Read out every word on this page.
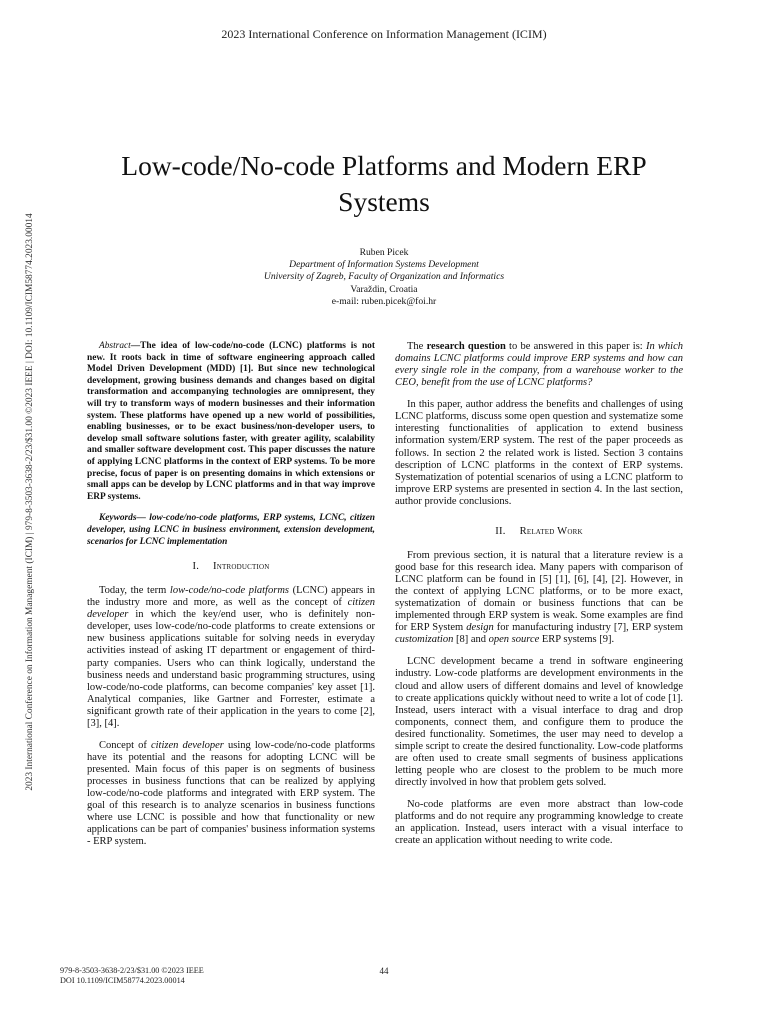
2023 International Conference on Information Management (ICIM)
2023 International Conference on Information Management (ICIM) | 979-8-3503-3638-2/23/$31.00 ©2023 IEEE | DOI: 10.1109/ICIM58774.2023.00014
Low-code/No-code Platforms and Modern ERP Systems
Ruben Picek
Department of Information Systems Development
University of Zagreb, Faculty of Organization and Informatics
Varaždin, Croatia
e-mail: ruben.picek@foi.hr

Abstract—The idea of low-code/no-code (LCNC) platforms is not new. It roots back in time of software engineering approach called Model Driven Development (MDD) [1]. But since new technological development, growing business demands and changes based on digital transformation and accompanying technologies are omnipresent, they will try to transform ways of modern businesses and their information system. These platforms have opened up a new world of possibilities, enabling businesses, or to be exact business/non-developer users, to develop small software solutions faster, with greater agility, scalability and smaller software development cost. This paper discusses the nature of applying LCNC platforms in the context of ERP systems. To be more precise, focus of paper is on presenting domains in which extensions or small apps can be develop by LCNC platforms and in that way improve ERP systems.

Keywords— low-code/no-code platforms, ERP systems, LCNC, citizen developer, using LCNC in business environment, extension development, scenarios for LCNC implementation

I. Introduction

Today, the term low-code/no-code platforms (LCNC) appears in the industry more and more, as well as the concept of citizen developer in which the key/end user, who is definitely non-developer, uses low-code/no-code platforms to create extensions or new business applications suitable for solving needs in everyday activities instead of asking IT department or engagement of third-party companies. Users who can think logically, understand the business needs and understand basic programming structures, using low-code/no-code platforms, can become companies' key asset [1]. Analytical companies, like Gartner and Forrester, estimate a significant growth rate of their application in the years to come [2], [3], [4].

Concept of citizen developer using low-code/no-code platforms have its potential and the reasons for adopting LCNC will be presented. Main focus of this paper is on segments of business processes in business functions that can be realized by applying low-code/no-code platforms and integrated with ERP system. The goal of this research is to analyze scenarios in business functions where use LCNC is possible and how that functionality or new applications can be part of companies' business information systems - ERP system.

The research question to be answered in this paper is: In which domains LCNC platforms could improve ERP systems and how can every single role in the company, from a warehouse worker to the CEO, benefit from the use of LCNC platforms?

In this paper, author address the benefits and challenges of using LCNC platforms, discuss some open question and systematize some interesting functionalities of application to extend business information system/ERP system. The rest of the paper proceeds as follows. In section 2 the related work is listed. Section 3 contains description of LCNC platforms in the context of ERP systems. Systematization of potential scenarios of using a LCNC platform to improve ERP systems are presented in section 4. In the last section, author provide conclusions.

II. Related Work

From previous section, it is natural that a literature review is a good base for this research idea. Many papers with comparison of LCNC platform can be found in [5] [1], [6], [4], [2]. However, in the context of applying LCNC platforms, or to be more exact, systematization of domain or business functions that can be implemented through ERP system is weak. Some examples are find for ERP System design for manufacturing industry [7], ERP system customization [8] and open source ERP systems [9].

LCNC development became a trend in software engineering industry. Low-code platforms are development environments in the cloud and allow users of different domains and level of knowledge to create applications quickly without need to write a lot of code [1]. Instead, users interact with a visual interface to drag and drop components, connect them, and configure them to produce the desired functionality. Sometimes, the user may need to develop a simple script to create the desired functionality. Low-code platforms are often used to create small segments of business applications letting people who are closest to the problem to be much more directly involved in how that problem gets solved.

No-code platforms are even more abstract than low-code platforms and do not require any programming knowledge to create an application. Instead, users interact with a visual interface to create an application without needing to write code.

979-8-3503-3638-2/23/$31.00 ©2023 IEEE
DOI 10.1109/ICIM58774.2023.00014
44
